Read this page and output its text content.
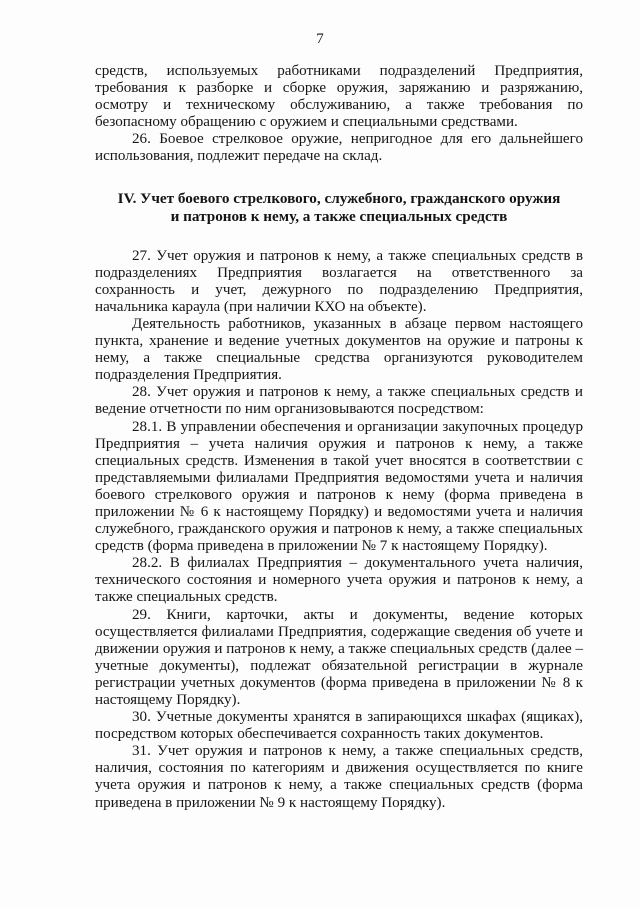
7

средств, используемых работниками подразделений Предприятия, требования к разборке и сборке оружия, заряжанию и разряжанию, осмотру и техническому обслуживанию, а также требования по безопасному обращению с оружием и специальными средствами.

26. Боевое стрелковое оружие, непригодное для его дальнейшего использования, подлежит передаче на склад.

IV. Учет боевого стрелкового, служебного, гражданского оружия

и патронов к нему, а также специальных средств

27. Учет оружия и патронов к нему, а также специальных средств в подразделениях Предприятия возлагается на ответственного за сохранность и учет, дежурного по подразделению Предприятия, начальника караула (при наличии КХО на объекте).

Деятельность работников, указанных в абзаце первом настоящего пункта, хранение и ведение учетных документов на оружие и патроны к нему, а также специальные средства организуются руководителем подразделения Предприятия.

28. Учет оружия и патронов к нему, а также специальных средств и ведение отчетности по ним организовываются посредством:

28.1. В управлении обеспечения и организации закупочных процедур Предприятия – учета наличия оружия и патронов к нему, а также специальных средств. Изменения в такой учет вносятся в соответствии с представляемыми филиалами Предприятия ведомостями учета и наличия боевого стрелкового оружия и патронов к нему (форма приведена в приложении № 6 к настоящему Порядку) и ведомостями учета и наличия служебного, гражданского оружия и патронов к нему, а также специальных средств (форма приведена в приложении № 7 к настоящему Порядку).

28.2. В филиалах Предприятия – документального учета наличия, технического состояния и номерного учета оружия и патронов к нему, а также специальных средств.

29. Книги, карточки, акты и документы, ведение которых осуществляется филиалами Предприятия, содержащие сведения об учете и движении оружия и патронов к нему, а также специальных средств (далее – учетные документы), подлежат обязательной регистрации в журнале регистрации учетных документов (форма приведена в приложении № 8 к настоящему Порядку).

30. Учетные документы хранятся в запирающихся шкафах (ящиках), посредством которых обеспечивается сохранность таких документов.

31. Учет оружия и патронов к нему, а также специальных средств, наличия, состояния по категориям и движения осуществляется по книге учета оружия и патронов к нему, а также специальных средств (форма приведена в приложении № 9 к настоящему Порядку).
